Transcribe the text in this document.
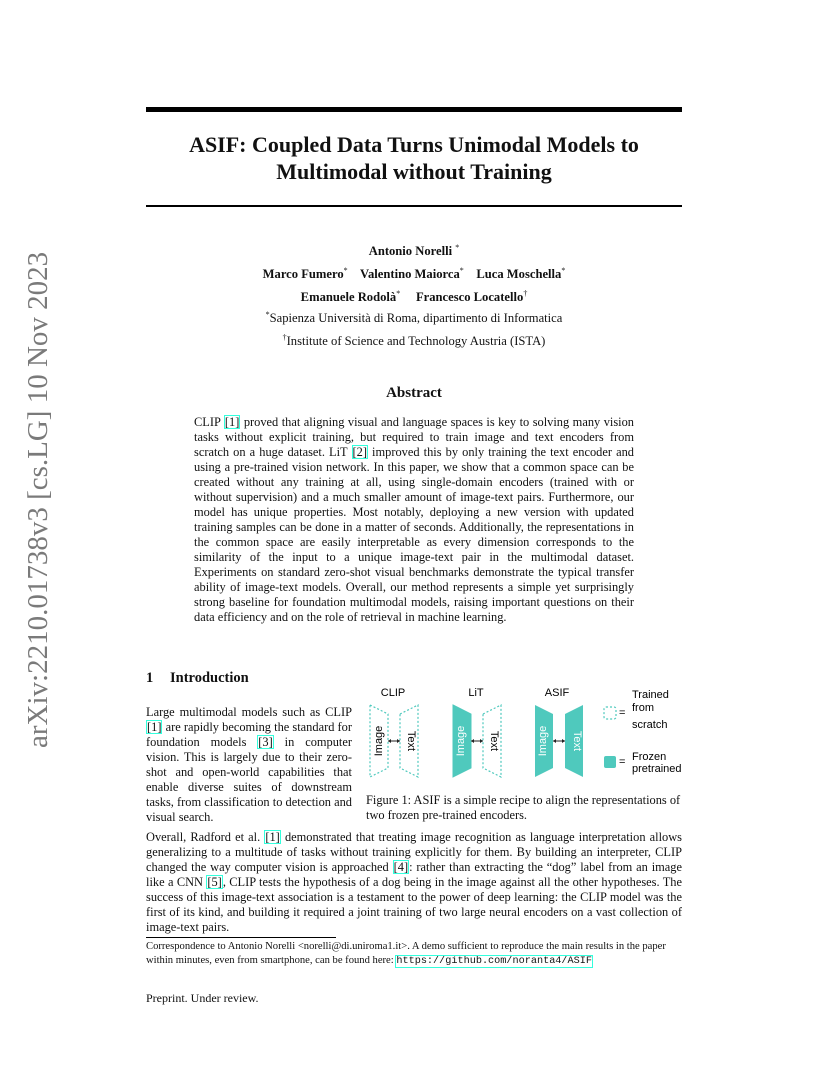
arXiv:2210.01738v3 [cs.LG] 10 Nov 2023
ASIF: Coupled Data Turns Unimodal Models to
Multimodal without Training
Antonio Norelli *
Marco Fumero* Valentino Maiorca* Luca Moschella*
Emanuele Rodolà* Francesco Locatello†
*Sapienza Università di Roma, dipartimento di Informatica
†Institute of Science and Technology Austria (ISTA)
Abstract
CLIP [1] proved that aligning visual and language spaces is key to solving many vision tasks without explicit training, but required to train image and text encoders from scratch on a huge dataset. LiT [2] improved this by only training the text encoder and using a pre-trained vision network. In this paper, we show that a common space can be created without any training at all, using single-domain encoders (trained with or without supervision) and a much smaller amount of image-text pairs. Furthermore, our model has unique properties. Most notably, deploying a new version with updated training samples can be done in a matter of seconds. Additionally, the representations in the common space are easily interpretable as every dimension corresponds to the similarity of the input to a unique image-text pair in the multimodal dataset. Experiments on standard zero-shot visual benchmarks demonstrate the typical transfer ability of image-text models. Overall, our method represents a simple yet surprisingly strong baseline for foundation multimodal models, raising important questions on their data efficiency and on the role of retrieval in machine learning.
1 Introduction
Large multimodal models such as CLIP [1] are rapidly becoming the standard for foundation models [3] in computer vision. This is largely due to their zero-shot and open-world capabilities that enable diverse suites of downstream tasks, from classification to detection and visual search.
CLIP	LiT	ASIF
Image Text	Image Text	Image Text
=
Trained
from
scratch
= Frozen
pretrained
Figure 1: ASIF is a simple recipe to align the representations of two frozen pre-trained encoders.
Overall, Radford et al. [1] demonstrated that treating image recognition as language interpretation allows generalizing to a multitude of tasks without training explicitly for them. By building an interpreter, CLIP changed the way computer vision is approached [4]: rather than extracting the “dog” label from an image like a CNN [5], CLIP tests the hypothesis of a dog being in the image against all the other hypotheses. The success of this image-text association is a testament to the power of deep learning: the CLIP model was the first of its kind, and building it required a joint training of two large neural encoders on a vast collection of image-text pairs.
Correspondence to Antonio Norelli <norelli@di.uniroma1.it>. A demo sufficient to reproduce the main results in the paper within minutes, even from smartphone, can be found here: https://github.com/noranta4/ASIF
Preprint. Under review.
